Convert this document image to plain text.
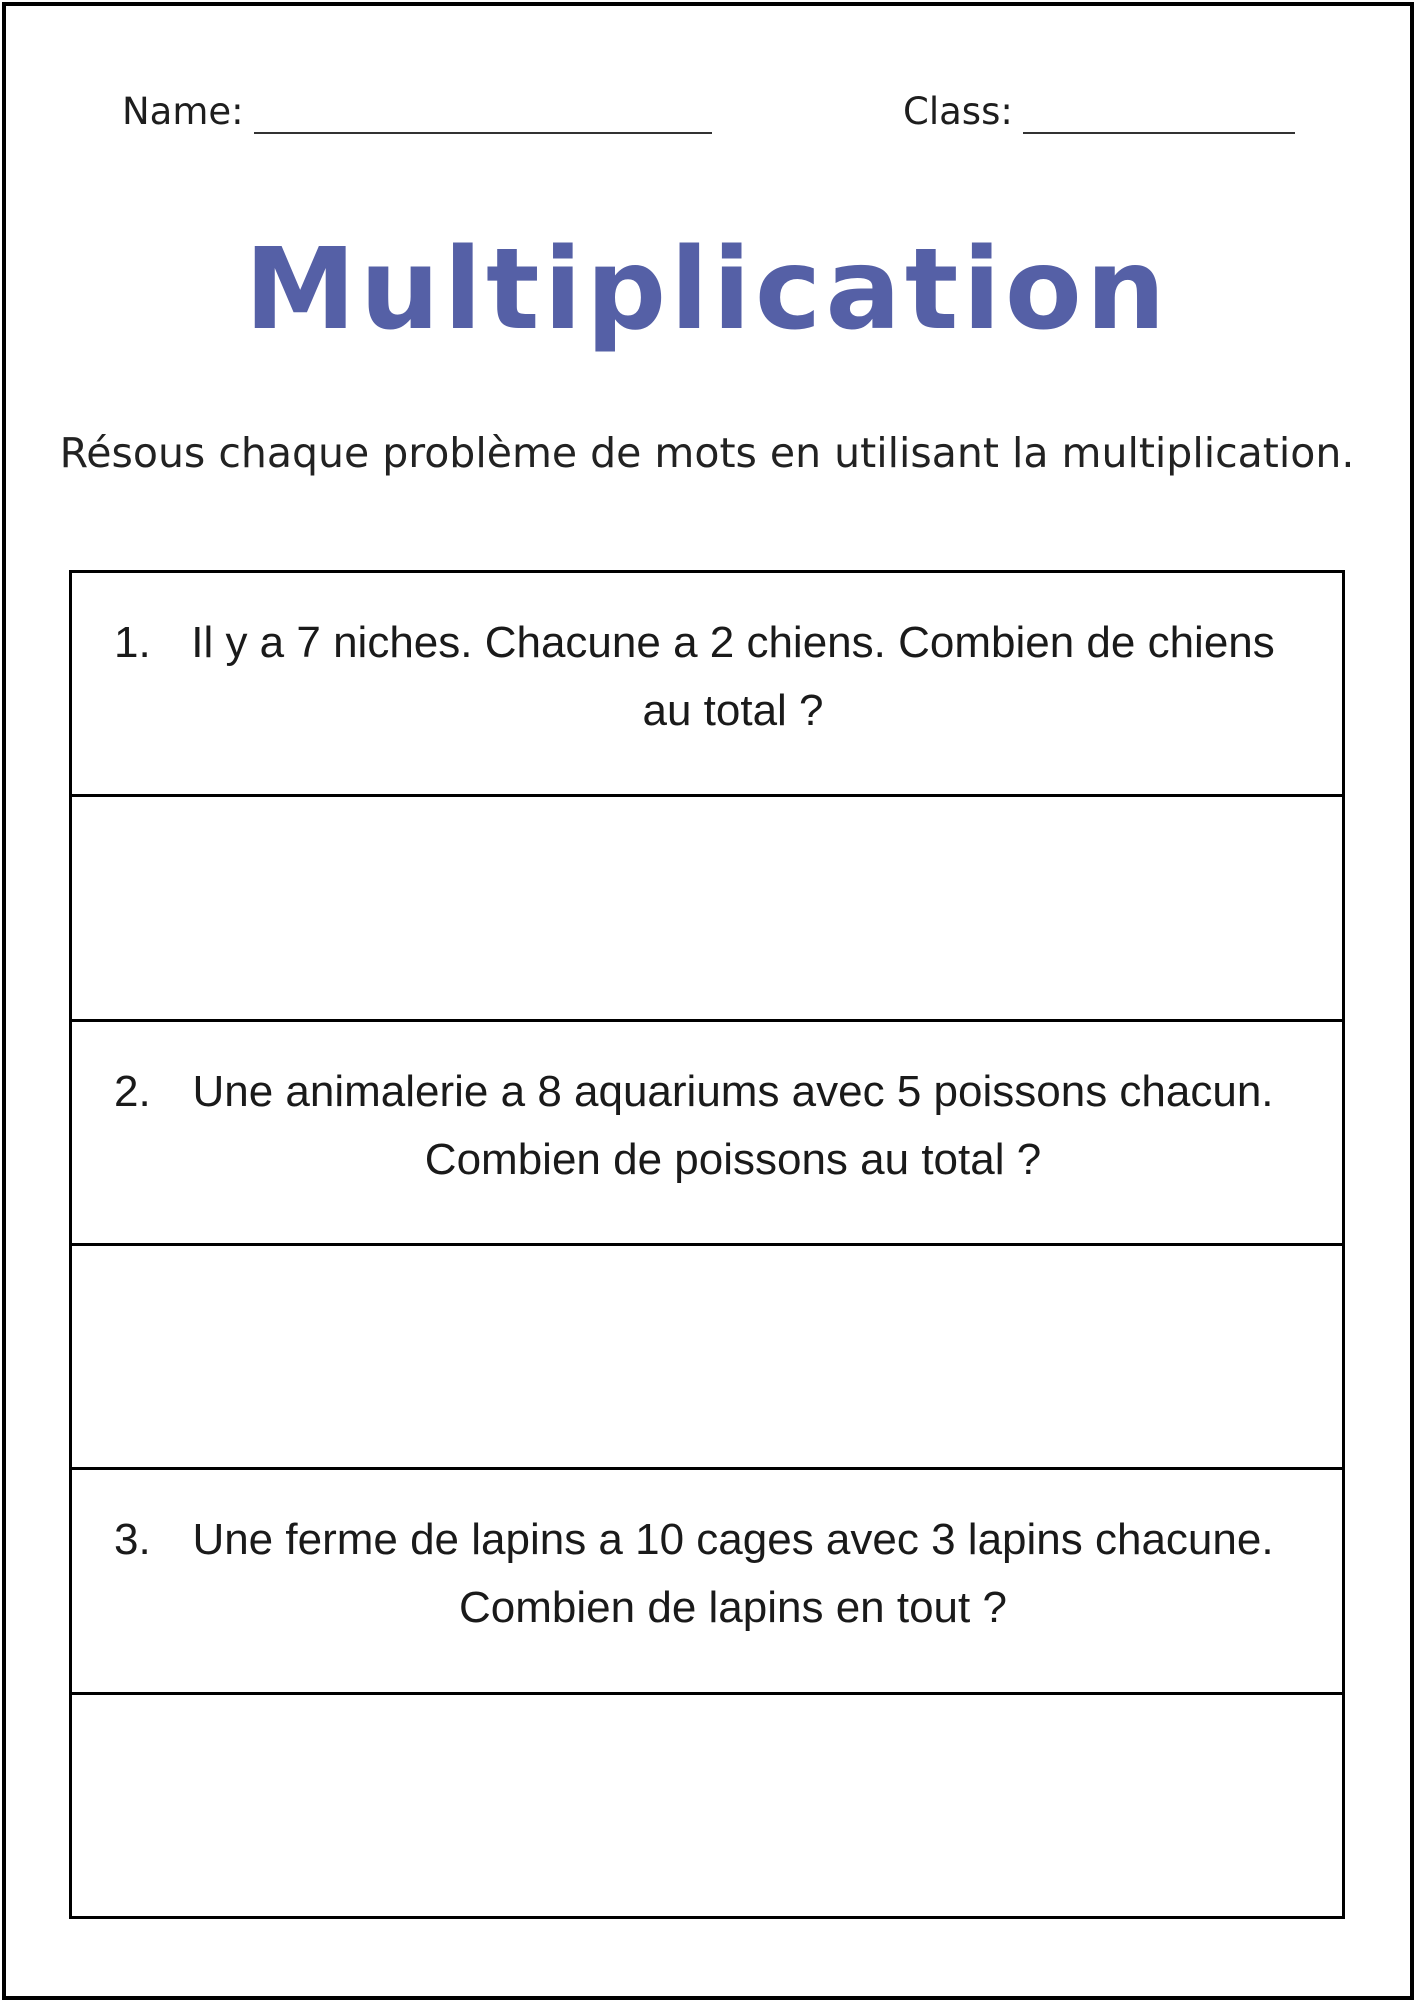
Name:	Class:
Multiplication
Résous chaque problème de mots en utilisant la multiplication.
1. Il y a 7 niches. Chacune a 2 chiens. Combien de chiens au total ?
2. Une animalerie a 8 aquariums avec 5 poissons chacun. Combien de poissons au total ?
3. Une ferme de lapins a 10 cages avec 3 lapins chacune. Combien de lapins en tout ?
